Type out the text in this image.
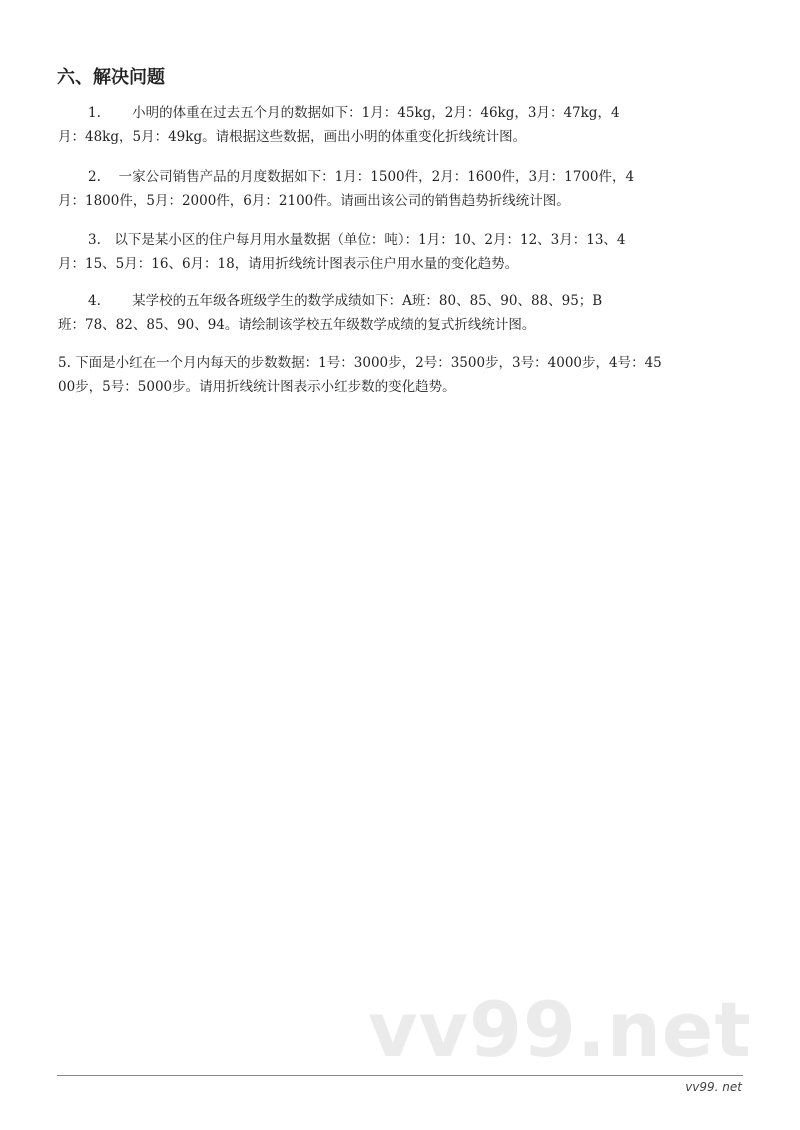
六、解决问题
1.　　 小明的体重在过去五个月的数据如下：1月：45kg，2月：46kg，3月：47kg，4
月：48kg，5月：49kg。请根据这些数据，画出小明的体重变化折线统计图。
2.　 一家公司销售产品的月度数据如下：1月：1500件，2月：1600件，3月：1700件，4
月：1800件，5月：2000件，6月：2100件。请画出该公司的销售趋势折线统计图。
3.　以下是某小区的住户每月用水量数据（单位：吨）：1月：10、2月：12、3月：13、4
月：15、5月：16、6月：18，请用折线统计图表示住户用水量的变化趋势。
4.　　 某学校的五年级各班级学生的数学成绩如下：A班：80、85、90、88、95；B
班：78、82、85、90、94。请绘制该学校五年级数学成绩的复式折线统计图。
5. 下面是小红在一个月内每天的步数数据：1号：3000步，2号：3500步，3号：4000步，4号：45
00步，5号：5000步。请用折线统计图表示小红步数的变化趋势。
vv99.net
vv99. net
